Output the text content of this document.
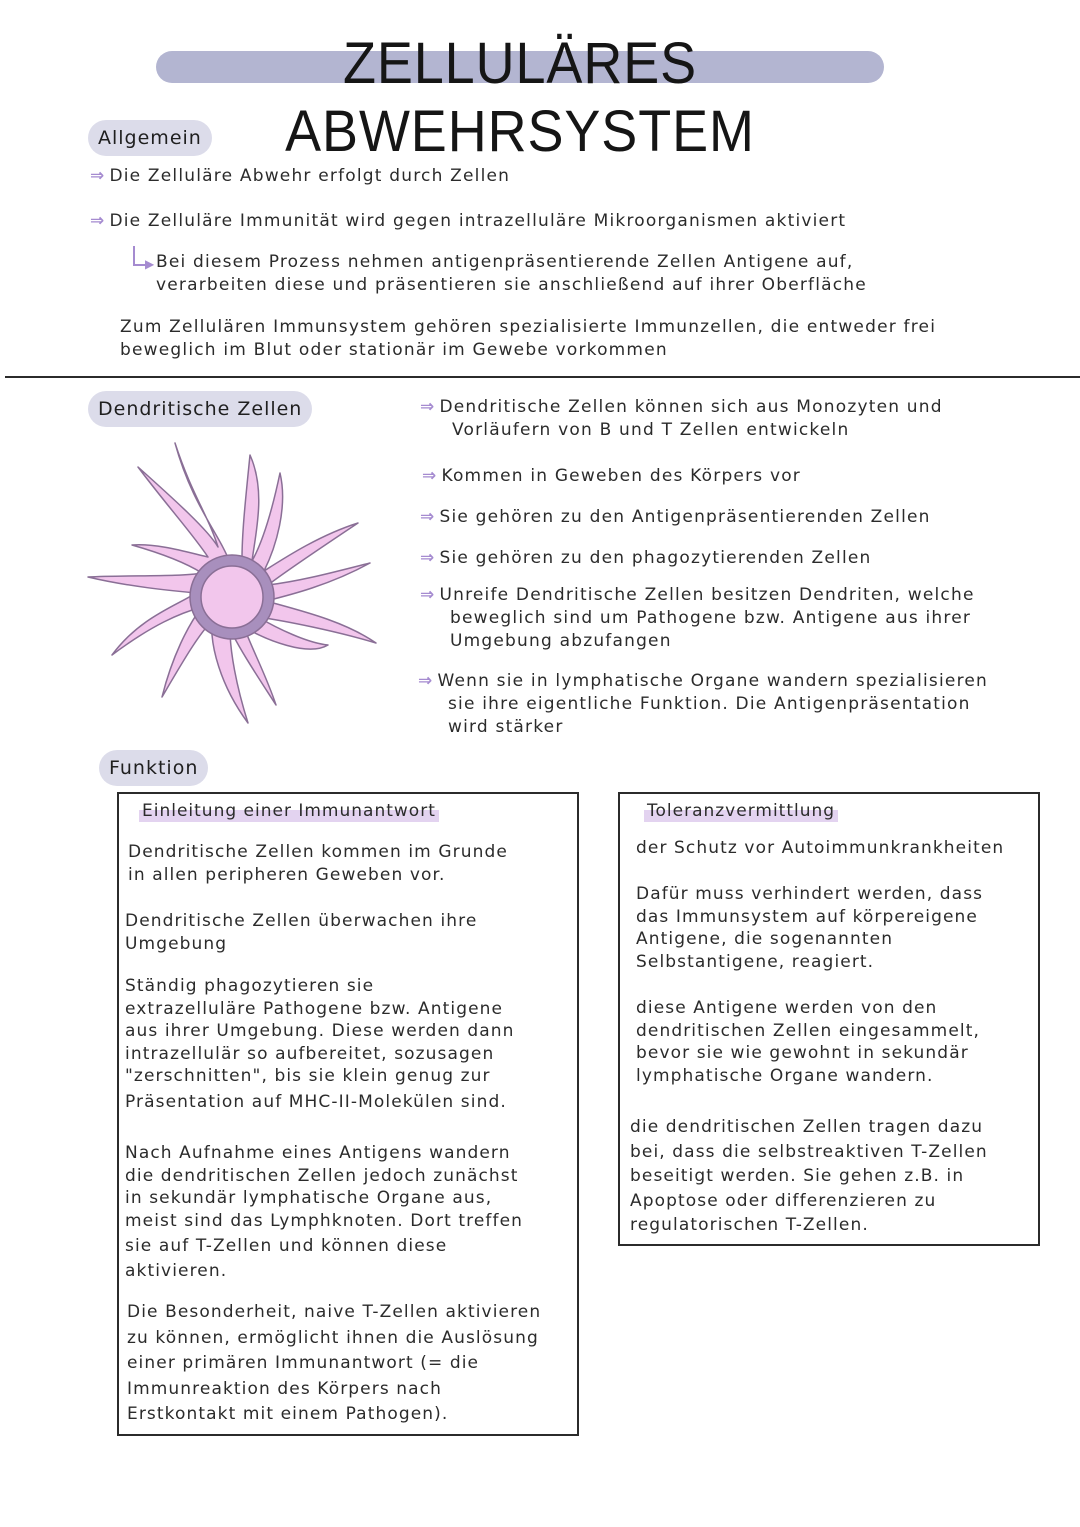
ZELLULÄRES ABWEHRSYSTEM
Allgemein
⇒ Die Zelluläre Abwehr erfolgt durch Zellen
⇒ Die Zelluläre Immunität wird gegen intrazelluläre Mikroorganismen aktiviert
▶ Bei diesem Prozess nehmen antigenpräsentierende Zellen Antigene auf,
verarbeiten diese und präsentieren sie anschließend auf ihrer Oberfläche
Zum Zellulären Immunsystem gehören spezialisierte Immunzellen, die entweder frei
beweglich im Blut oder stationär im Gewebe vorkommen
Dendritische Zellen	⇒ Dendritische Zellen können sich aus Monozyten und
Vorläufern von B und T Zellen entwickeln
⇒ Kommen in Geweben des Körpers vor
⇒ Sie gehören zu den Antigenpräsentierenden Zellen
⇒ Sie gehören zu den phagozytierenden Zellen
⇒ Unreife Dendritische Zellen besitzen Dendriten, welche
beweglich sind um Pathogene bzw. Antigene aus ihrer
Umgebung abzufangen
⇒ Wenn sie in lymphatische Organe wandern spezialisieren
sie ihre eigentliche Funktion. Die Antigenpräsentation
wird stärker
Funktion
Einleitung einer Immunantwort
Dendritische Zellen kommen im Grunde
in allen peripheren Geweben vor.
Dendritische Zellen überwachen ihre
Umgebung
Ständig phagozytieren sie
extrazelluläre Pathogene bzw. Antigene
aus ihrer Umgebung. Diese werden dann
intrazellulär so aufbereitet, sozusagen
"zerschnitten", bis sie klein genug zur
Präsentation auf MHC-II-Molekülen sind.
Nach Aufnahme eines Antigens wandern
die dendritischen Zellen jedoch zunächst
in sekundär lymphatische Organe aus,
meist sind das Lymphknoten. Dort treffen
sie auf T-Zellen und können diese
aktivieren.
Die Besonderheit, naive T-Zellen aktivieren
zu können, ermöglicht ihnen die Auslösung
einer primären Immunantwort (= die
Immunreaktion des Körpers nach
Erstkontakt mit einem Pathogen).
Toleranzvermittlung
der Schutz vor Autoimmunkrankheiten
Dafür muss verhindert werden, dass
das Immunsystem auf körpereigene
Antigene, die sogenannten
Selbstantigene, reagiert.
diese Antigene werden von den
dendritischen Zellen eingesammelt,
bevor sie wie gewohnt in sekundär
lymphatische Organe wandern.
die dendritischen Zellen tragen dazu
bei, dass die selbstreaktiven T-Zellen
beseitigt werden. Sie gehen z.B. in
Apoptose oder differenzieren zu
regulatorischen T-Zellen.
